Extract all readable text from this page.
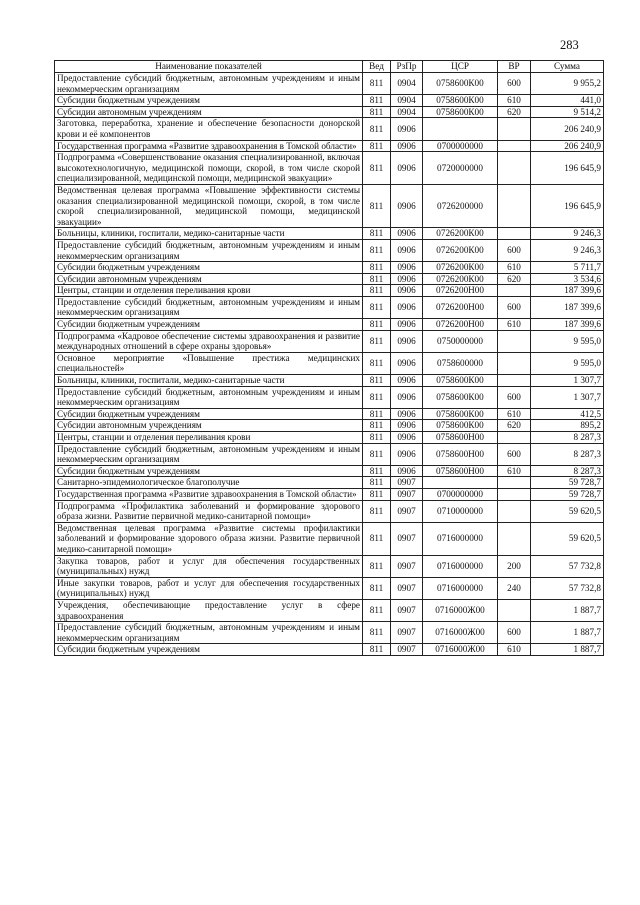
283
Наименование показателей	Вед	РзПр	ЦСР	ВР	Сумма
Предоставление субсидий бюджетным, автономным учреждениям и иным некоммерческим организациям	811	0904	0758600К00	600	9 955,2
Субсидии бюджетным учреждениям	811	0904	0758600К00	610	441,0
Субсидии автономным учреждениям	811	0904	0758600К00	620	9 514,2
Заготовка, переработка, хранение и обеспечение безопасности донорской крови и её компонентов	811	0906			206 240,9
Государственная программа «Развитие здравоохранения в Томской области»	811	0906	0700000000		206 240,9
Подпрограмма «Совершенствование оказания специализированной, включая высокотехнологичную, медицинской помощи, скорой, в том числе скорой специализированной, медицинской помощи, медицинской эвакуации»	811	0906	0720000000		196 645,9
Ведомственная целевая программа «Повышение эффективности системы оказания специализированной медицинской помощи, скорой, в том числе скорой специализированной, медицинской помощи, медицинской эвакуации»	811	0906	0726200000		196 645,9
Больницы, клиники, госпитали, медико-санитарные части	811	0906	0726200К00		9 246,3
Предоставление субсидий бюджетным, автономным учреждениям и иным некоммерческим организациям	811	0906	0726200К00	600	9 246,3
Субсидии бюджетным учреждениям	811	0906	0726200К00	610	5 711,7
Субсидии автономным учреждениям	811	0906	0726200К00	620	3 534,6
Центры, станции и отделения переливания крови	811	0906	0726200Н00		187 399,6
Предоставление субсидий бюджетным, автономным учреждениям и иным некоммерческим организациям	811	0906	0726200Н00	600	187 399,6
Субсидии бюджетным учреждениям	811	0906	0726200Н00	610	187 399,6
Подпрограмма «Кадровое обеспечение системы здравоохранения и развитие международных отношений в сфере охраны здоровья»	811	0906	0750000000		9 595,0
Основное мероприятие «Повышение престижа медицинских специальностей»	811	0906	0758600000		9 595,0
Больницы, клиники, госпитали, медико-санитарные части	811	0906	0758600К00		1 307,7
Предоставление субсидий бюджетным, автономным учреждениям и иным некоммерческим организациям	811	0906	0758600К00	600	1 307,7
Субсидии бюджетным учреждениям	811	0906	0758600К00	610	412,5
Субсидии автономным учреждениям	811	0906	0758600К00	620	895,2
Центры, станции и отделения переливания крови	811	0906	0758600Н00		8 287,3
Предоставление субсидий бюджетным, автономным учреждениям и иным некоммерческим организациям	811	0906	0758600Н00	600	8 287,3
Субсидии бюджетным учреждениям	811	0906	0758600Н00	610	8 287,3
Санитарно-эпидемиологическое благополучие	811	0907			59 728,7
Государственная программа «Развитие здравоохранения в Томской области»	811	0907	0700000000		59 728,7
Подпрограмма «Профилактика заболеваний и формирование здорового образа жизни. Развитие первичной медико-санитарной помощи»	811	0907	0710000000		59 620,5
Ведомственная целевая программа «Развитие системы профилактики заболеваний и формирование здорового образа жизни. Развитие первичной медико-санитарной помощи»	811	0907	0716000000		59 620,5
Закупка товаров, работ и услуг для обеспечения государственных (муниципальных) нужд	811	0907	0716000000	200	57 732,8
Иные закупки товаров, работ и услуг для обеспечения государственных (муниципальных) нужд	811	0907	0716000000	240	57 732,8
Учреждения, обеспечивающие предоставление услуг в сфере здравоохранения	811	0907	0716000Ж00		1 887,7
Предоставление субсидий бюджетным, автономным учреждениям и иным некоммерческим организациям	811	0907	0716000Ж00	600	1 887,7
Субсидии бюджетным учреждениям	811	0907	0716000Ж00	610	1 887,7
